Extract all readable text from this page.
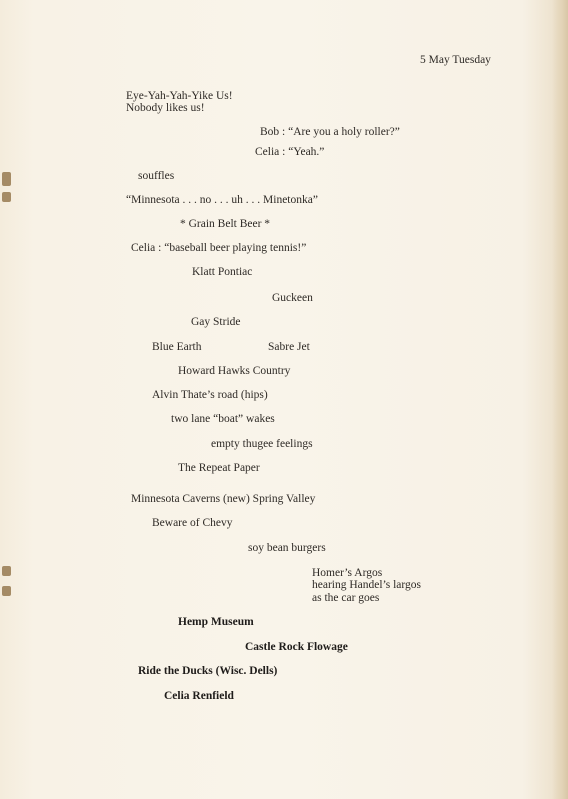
5 May Tuesday

Eye-Yah-Yah-Yike Us!

Nobody likes us!

Bob : “Are you a holy roller?”

Celia : “Yeah.”

souffles

“Minnesota . . . no . . . uh . . . Minetonka”

* Grain Belt Beer *

Celia : “baseball beer playing tennis!”

Klatt Pontiac

Guckeen

Gay Stride

Blue Earth	Sabre Jet

Howard Hawks Country

Alvin Thate’s road (hips)

two lane “boat” wakes

empty thugee feelings

The Repeat Paper

Minnesota Caverns (new) Spring Valley

Beware of Chevy

soy bean burgers

Homer’s Argos

hearing Handel’s largos

as the car goes

Hemp Museum

Castle Rock Flowage

Ride the Ducks (Wisc. Dells)

Celia Renfield
